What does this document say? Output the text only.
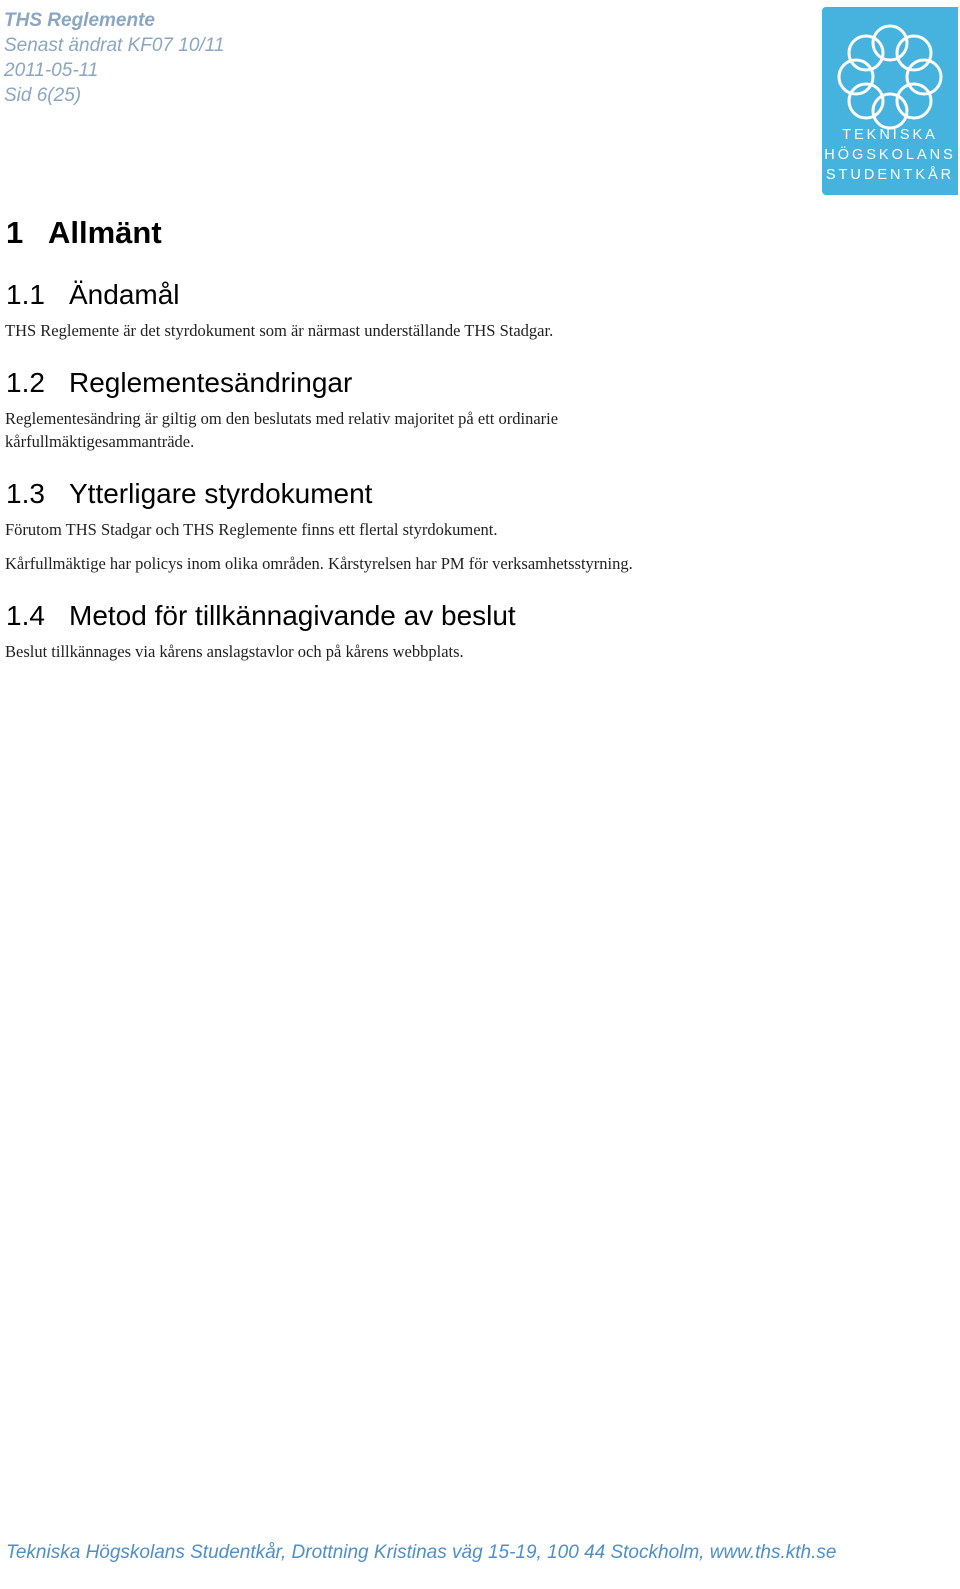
THS Reglemente
Senast ändrat KF07 10/11
2011-05-11
Sid 6(25)
TEKNISKA
HÖGSKOLANS
STUDENTKÅR
1 Allmänt
1.1 Ändamål
THS Reglemente är det styrdokument som är närmast underställande THS Stadgar.
1.2 Reglementesändringar
Reglementesändring är giltig om den beslutats med relativ majoritet på ett ordinarie kårfullmäktigesammanträde.
1.3 Ytterligare styrdokument
Förutom THS Stadgar och THS Reglemente finns ett flertal styrdokument.
Kårfullmäktige har policys inom olika områden. Kårstyrelsen har PM för verksamhetsstyrning.
1.4 Metod för tillkännagivande av beslut
Beslut tillkännages via kårens anslagstavlor och på kårens webbplats.
Tekniska Högskolans Studentkår, Drottning Kristinas väg 15-19, 100 44 Stockholm, www.ths.kth.se
